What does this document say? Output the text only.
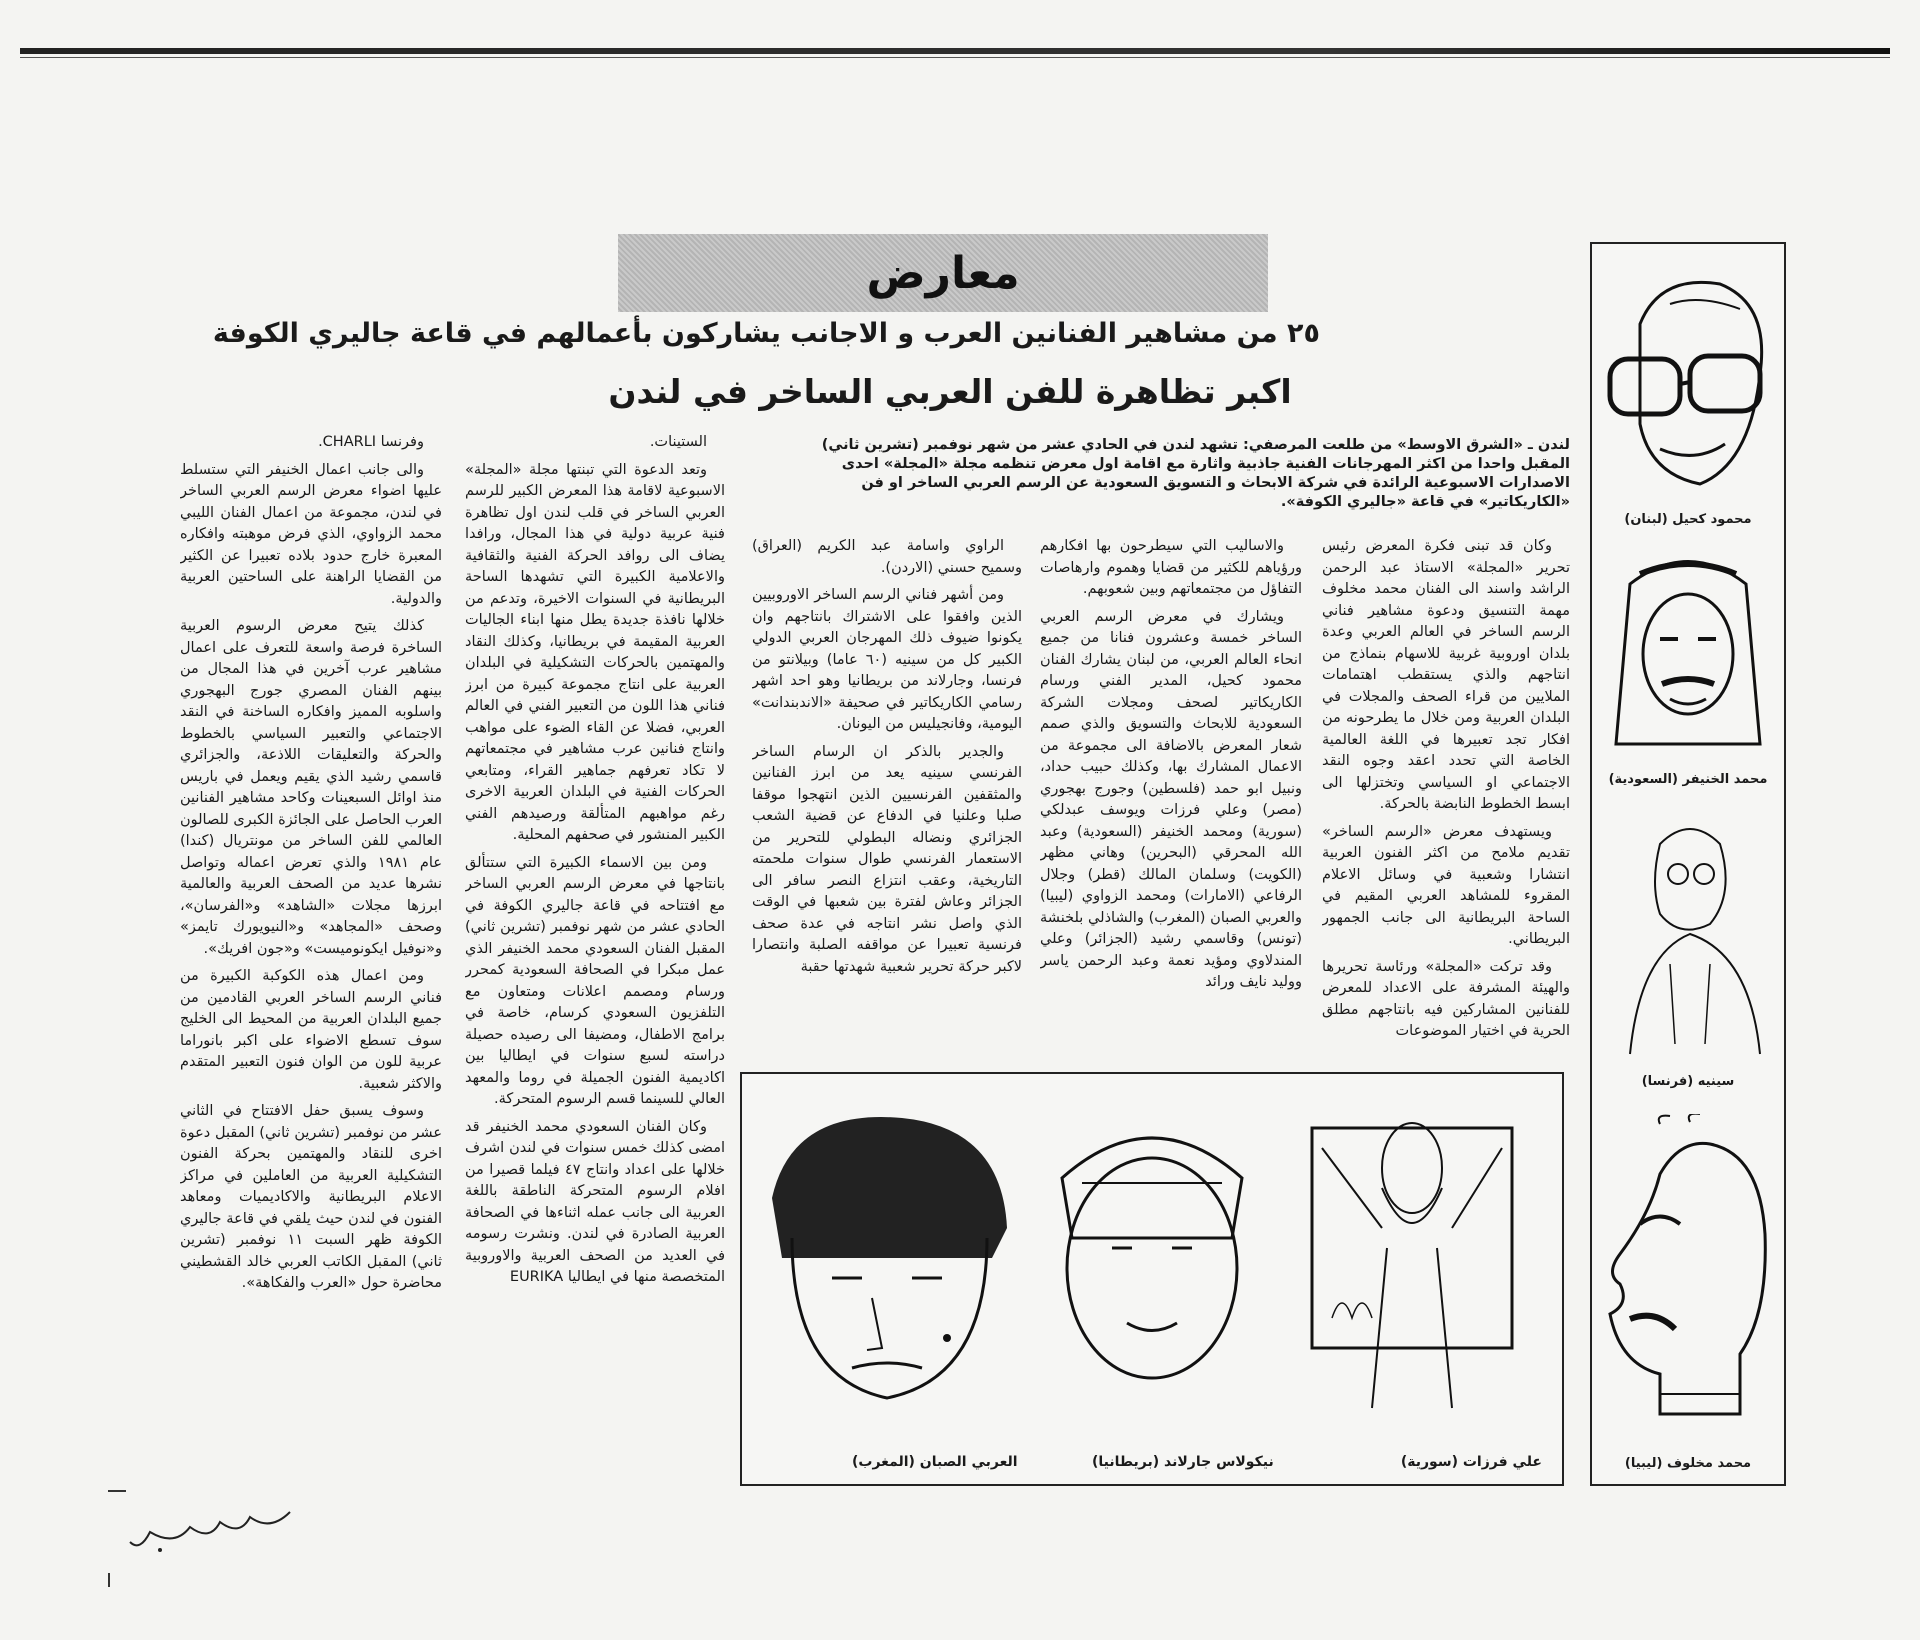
معارض
٢٥ من مشاهير الفنانين العرب و الاجانب يشاركون بأعمالهم في قاعة جاليري الكوفة
اكبر تظاهرة للفن العربي الساخر في لندن
لندن ـ «الشرق الاوسط» من طلعت المرصفي: تشهد لندن في الحادي عشر من شهر نوفمبر (تشرين ثاني) المقبل واحدا من اكثر المهرجانات الفنية جاذبية واثارة مع اقامة اول معرض تنظمه مجلة «المجلة» احدى الاصدارات الاسبوعية الرائدة في شركة الابحاث و التسويق السعودية عن الرسم العربي الساخر او فن «الكاريكاتير» في قاعة «جاليري الكوفة».

وكان قد تبنى فكرة المعرض رئيس تحرير «المجلة» الاستاذ عبد الرحمن الراشد واسند الى الفنان محمد مخلوف مهمة التنسيق ودعوة مشاهير فناني الرسم الساخر في العالم العربي وعدة بلدان اوروبية غربية للاسهام بنماذج من انتاجهم والذي يستقطب اهتمامات الملايين من قراء الصحف والمجلات في البلدان العربية ومن خلال ما يطرحونه من افكار تجد تعبيرها في اللغة العالمية الخاصة التي تحدد اعقد وجوه النقد الاجتماعي او السياسي وتختزلها الى ابسط الخطوط النابضة بالحركة.

ويستهدف معرض «الرسم الساخر» تقديم ملامح من اكثر الفنون العربية انتشارا وشعبية في وسائل الاعلام المقروء للمشاهد العربي المقيم في الساحة البريطانية الى جانب الجمهور البريطاني.

وقد تركت «المجلة» ورئاسة تحريرها والهيئة المشرفة على الاعداد للمعرض للفنانين المشاركين فيه بانتاجهم مطلق الحرية في اختيار الموضوعات

والاساليب التي سيطرحون بها افكارهم ورؤياهم للكثير من قضايا وهموم وارهاصات التفاؤل من مجتمعاتهم وبين شعوبهم.

ويشارك في معرض الرسم العربي الساخر خمسة وعشرون فنانا من جميع انحاء العالم العربي، من لبنان يشارك الفنان محمود كحيل، المدير الفني ورسام الكاريكاتير لصحف ومجلات الشركة السعودية للابحاث والتسويق والذي صمم شعار المعرض بالاضافة الى مجموعة من الاعمال المشارك بها، وكذلك حبيب حداد، ونبيل ابو حمد (فلسطين) وجورج بهجوري (مصر) وعلي فرزات ويوسف عبدلكي (سورية) ومحمد الخنيفر (السعودية) وعبد الله المحرقي (البحرين) وهاني مظهر (الكويت) وسلمان المالك (قطر) وجلال الرفاعي (الامارات) ومحمد الزواوي (ليبيا) والعربي الصبان (المغرب) والشاذلي بلخنشة (تونس) وقاسمي رشيد (الجزائر) وعلي المندلاوي ومؤيد نعمة وعبد الرحمن ياسر ووليد نايف ورائد

الراوي واسامة عبد الكريم (العراق) وسميح حسني (الاردن).

ومن أشهر فناني الرسم الساخر الاوروبيين الذين وافقوا على الاشتراك بانتاجهم وان يكونوا ضيوف ذلك المهرجان العربي الدولي الكبير كل من سينيه (٦٠ عاما) وبيلانتو من فرنسا، وجارلاند من بريطانيا وهو احد اشهر رسامي الكاريكاتير في صحيفة «الاندبندانت» اليومية، وفانجيليس من اليونان.

والجدير بالذكر ان الرسام الساخر الفرنسي سينيه يعد من ابرز الفنانين والمثقفين الفرنسيين الذين انتهجوا موقفا صلبا وعلنيا في الدفاع عن قضية الشعب الجزائري ونضاله البطولي للتحرير من الاستعمار الفرنسي طوال سنوات ملحمته التاريخية، وعقب انتزاع النصر سافر الى الجزائر وعاش لفترة بين شعبها في الوقت الذي واصل نشر انتاجه في عدة صحف فرنسية تعبيرا عن مواقفه الصلبة وانتصارا لاكبر حركة تحرير شعبية شهدتها حقبة

الستينات.

وتعد الدعوة التي تبنتها مجلة «المجلة» الاسبوعية لاقامة هذا المعرض الكبير للرسم العربي الساخر في قلب لندن اول تظاهرة فنية عربية دولية في هذا المجال، ورافدا يضاف الى روافد الحركة الفنية والثقافية والاعلامية الكبيرة التي تشهدها الساحة البريطانية في السنوات الاخيرة، وتدعم من خلالها نافذة جديدة يطل منها ابناء الجاليات العربية المقيمة في بريطانيا، وكذلك النقاد والمهتمين بالحركات التشكيلية في البلدان العربية على انتاج مجموعة كبيرة من ابرز فناني هذا اللون من التعبير الفني في العالم العربي، فضلا عن القاء الضوء على مواهب وانتاج فنانين عرب مشاهير في مجتمعاتهم لا تكاد تعرفهم جماهير القراء، ومتابعي الحركات الفنية في البلدان العربية الاخرى رغم مواهبهم المتألقة ورصيدهم الفني الكبير المنشور في صحفهم المحلية.

ومن بين الاسماء الكبيرة التي ستتألق بانتاجها في معرض الرسم العربي الساخر مع افتتاحه في قاعة جاليري الكوفة في الحادي عشر من شهر نوفمبر (تشرين ثاني) المقبل الفنان السعودي محمد الخنيفر الذي عمل مبكرا في الصحافة السعودية كمحرر ورسام ومصمم اعلانات ومتعاون مع التلفزيون السعودي كرسام، خاصة في برامج الاطفال، ومضيفا الى رصيده حصيلة دراسته لسبع سنوات في ايطاليا بين اكاديمية الفنون الجميلة في روما والمعهد العالي للسينما قسم الرسوم المتحركة.

وكان الفنان السعودي محمد الخنيفر قد امضى كذلك خمس سنوات في لندن اشرف خلالها على اعداد وانتاج ٤٧ فيلما قصيرا من افلام الرسوم المتحركة الناطقة باللغة العربية الى جانب عمله اثناءها في الصحافة العربية الصادرة في لندن. ونشرت رسومه في العديد من الصحف العربية والاوروبية المتخصصة منها في ايطاليا EURIKA

وفرنسا CHARLI.

والى جانب اعمال الخنيفر التي ستسلط عليها اضواء معرض الرسم العربي الساخر في لندن، مجموعة من اعمال الفنان الليبي محمد الزواوي، الذي فرض موهبته وافكاره المعبرة خارج حدود بلاده تعبيرا عن الكثير من القضايا الراهنة على الساحتين العربية والدولية.

كذلك يتيح معرض الرسوم العربية الساخرة فرصة واسعة للتعرف على اعمال مشاهير عرب آخرين في هذا المجال من بينهم الفنان المصري جورج البهجوري واسلوبه المميز وافكاره الساخنة في النقد الاجتماعي والتعبير السياسي بالخطوط والحركة والتعليقات اللاذعة، والجزائري قاسمي رشيد الذي يقيم ويعمل في باريس منذ اوائل السبعينات وكاحد مشاهير الفنانين العرب الحاصل على الجائزة الكبرى للصالون العالمي للفن الساخر من مونتريال (كندا) عام ١٩٨١ والذي تعرض اعماله وتواصل نشرها عديد من الصحف العربية والعالمية ابرزها مجلات «الشاهد» و«الفرسان»، وصحف «المجاهد» و«النيويورك تايمز» و«نوفيل ايكونوميست» و«جون افريك».

ومن اعمال هذه الكوكبة الكبيرة من فناني الرسم الساخر العربي القادمين من جميع البلدان العربية من المحيط الى الخليج سوف تسطع الاضواء على اكبر بانوراما عربية للون من الوان فنون التعبير المتقدم والاكثر شعبية.

وسوف يسبق حفل الافتتاح في الثاني عشر من نوفمبر (تشرين ثاني) المقبل دعوة اخرى للنقاد والمهتمين بحركة الفنون التشكيلية العربية من العاملين في مراكز الاعلام البريطانية والاكاديميات ومعاهد الفنون في لندن حيث يلقي في قاعة جاليري الكوفة ظهر السبت ١١ نوفمبر (تشرين ثاني) المقبل الكاتب العربي خالد القشطيني محاضرة حول «العرب والفكاهة».

محمود كحيل (لبنان)
محمد الخنيفر (السعودية)
سينيه (فرنسا)
محمد مخلوف (ليبيا)
علي فرزات (سورية)
نيكولاس جارلاند (بريطانيا)
العربي الصبان (المغرب)
